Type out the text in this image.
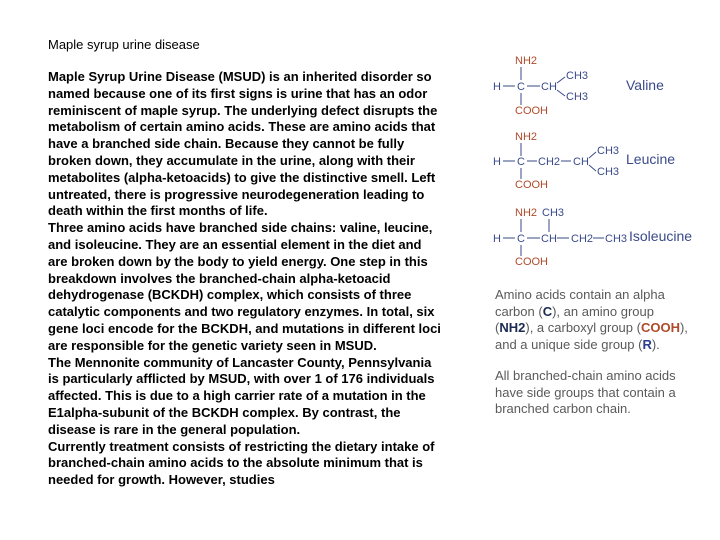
Maple syrup urine disease

Maple Syrup Urine Disease (MSUD) is an inherited disorder so named because one of its first signs is urine that has an odor reminiscent of maple syrup. The underlying defect disrupts the metabolism of certain amino acids. These are amino acids that have a branched side chain. Because they cannot be fully broken down, they accumulate in the urine, along with their metabolites (alpha-ketoacids) to give the distinctive smell. Left untreated, there is progressive neurodegeneration leading to death within the first months of life.

Three amino acids have branched side chains: valine, leucine, and isoleucine. They are an essential element in the diet and are broken down by the body to yield energy. One step in this breakdown involves the branched-chain alpha-ketoacid dehydrogenase (BCKDH) complex, which consists of three catalytic components and two regulatory enzymes. In total, six gene loci encode for the BCKDH, and mutations in different loci are responsible for the genetic variety seen in MSUD.

The Mennonite community of Lancaster County, Pennsylvania is particularly afflicted by MSUD, with over 1 of 176 individuals affected. This is due to a high carrier rate of a mutation in the E1alpha-subunit of the BCKDH complex. By contrast, the disease is rare in the general population.

Currently treatment consists of restricting the dietary intake of branched-chain amino acids to the absolute minimum that is needed for growth. However, studies

NH2
H C CH
CH3
CH3
COOH
Valine
NH2
H C CH2 CH
CH3
CH3
COOH
Leucine
NH2 CH3
H C CH CH2 CH3
COOH
Isoleucine
Amino acids contain an alpha carbon (C), an amino group (NH2), a carboxyl group (COOH), and a unique side group (R).
All branched-chain amino acids have side groups that contain a branched carbon chain.
